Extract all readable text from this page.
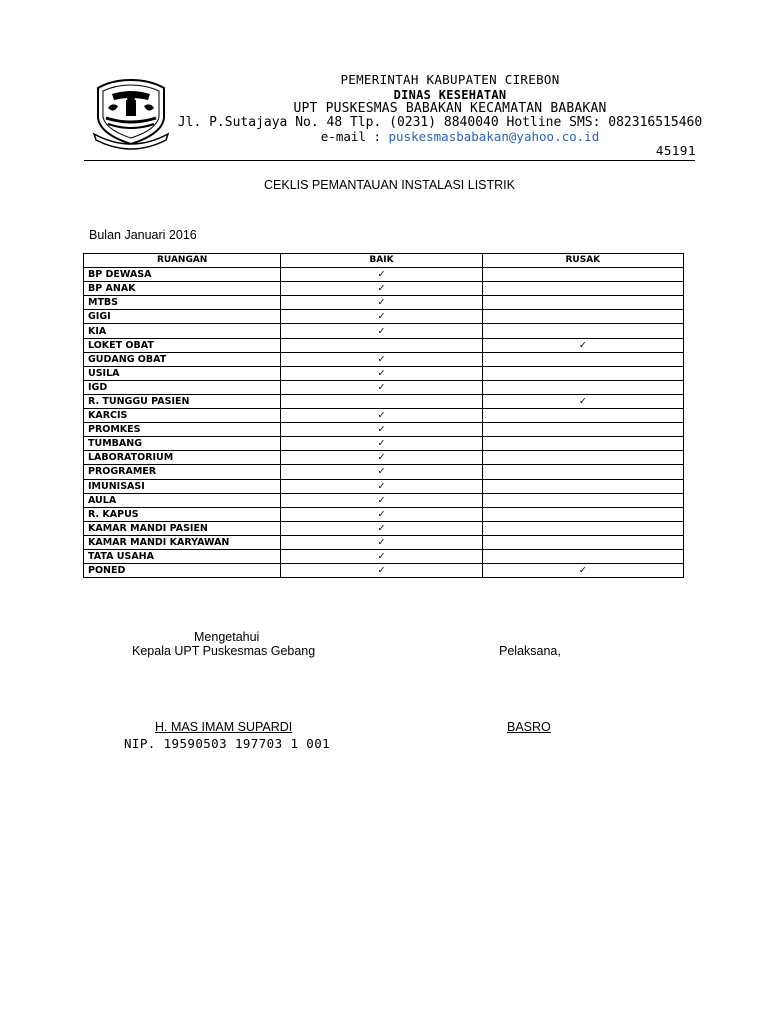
PEMERINTAH KABUPATEN CIREBON
DINAS KESEHATAN
UPT PUSKESMAS BABAKAN KECAMATAN BABAKAN
Jl. P.Sutajaya No. 48 Tlp. (0231) 8840040 Hotline SMS: 082316515460
e-mail : puskesmasbabakan@yahoo.co.id
45191
CEKLIS PEMANTAUAN INSTALASI LISTRIK
Bulan Januari 2016
RUANGAN	BAIK	RUSAK
BP DEWASA	✓	
BP ANAK	✓	
MTBS	✓	
GIGI	✓	
KIA	✓	
LOKET OBAT		✓
GUDANG OBAT	✓	
USILA	✓	
IGD	✓	
R. TUNGGU PASIEN		✓
KARCIS	✓	
PROMKES	✓	
TUMBANG	✓	
LABORATORIUM	✓	
PROGRAMER	✓	
IMUNISASI	✓	
AULA	✓	
R. KAPUS	✓	
KAMAR MANDI PASIEN	✓	
KAMAR MANDI KARYAWAN	✓	
TATA USAHA	✓	
PONED	✓	✓
Mengetahui
Kepala UPT Puskesmas Gebang	Pelaksana,
H. MAS IMAM SUPARDI	BASRO
NIP. 19590503 197703 1 001
